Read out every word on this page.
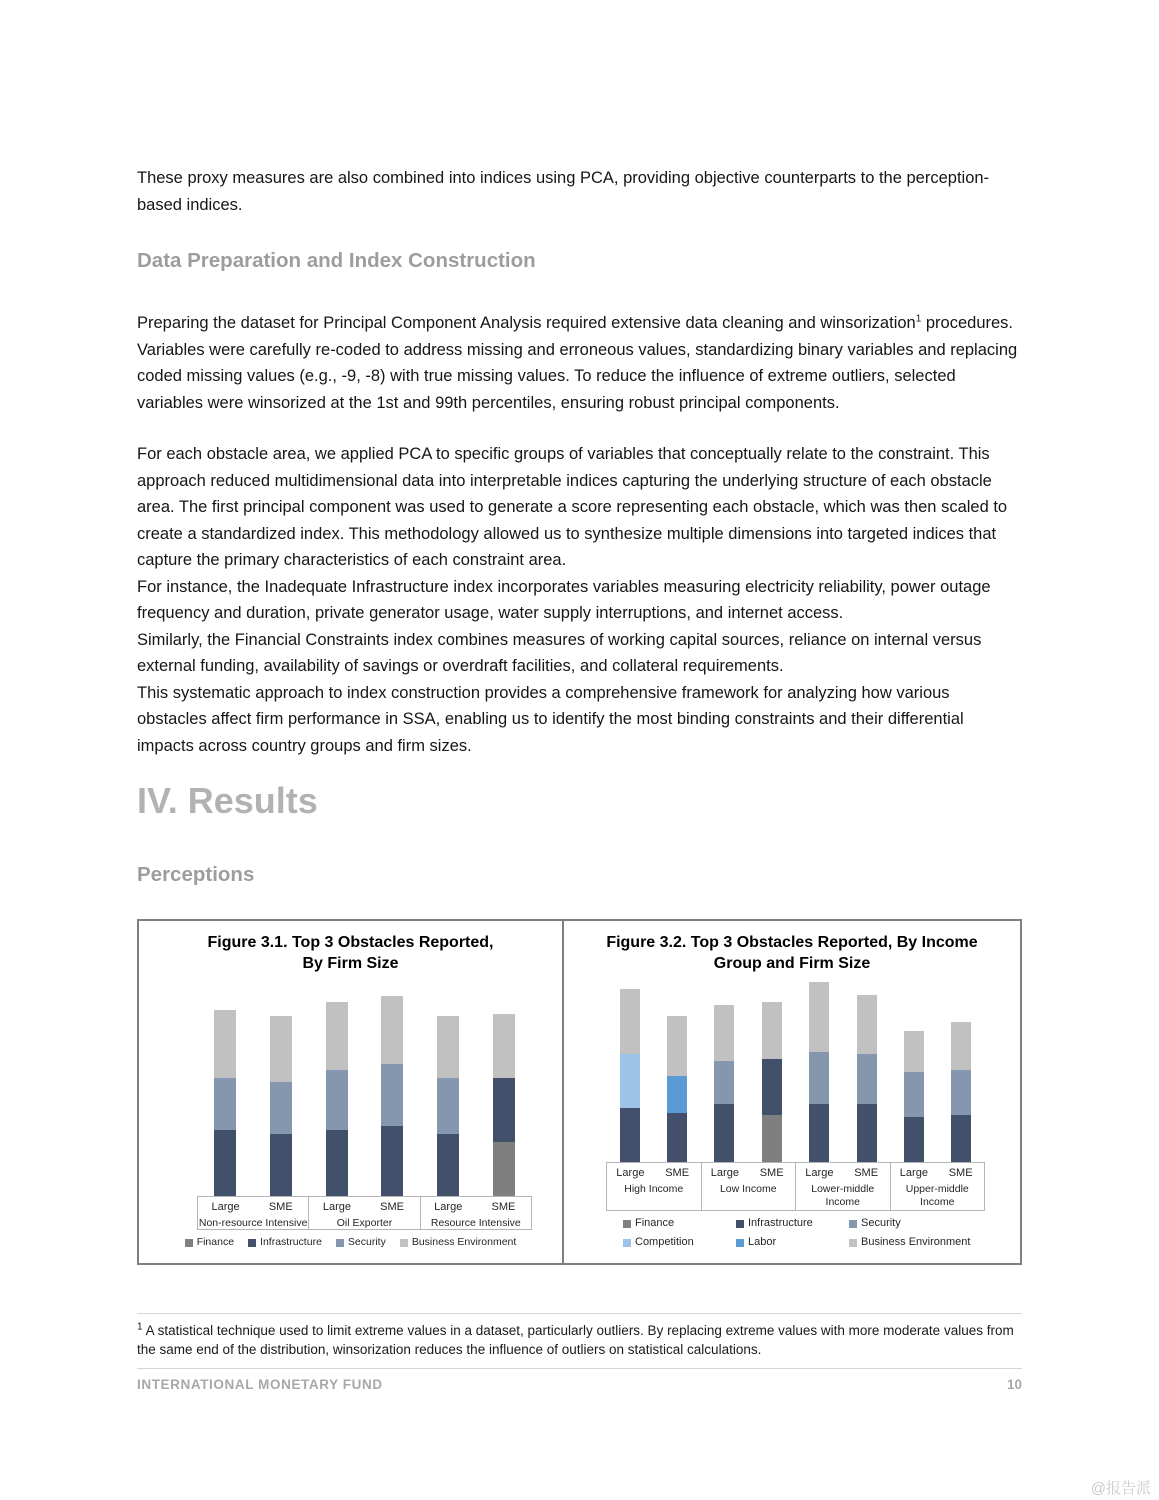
These proxy measures are also combined into indices using PCA, providing objective counterparts to the perception-based indices.

Data Preparation and Index Construction

Preparing the dataset for Principal Component Analysis required extensive data cleaning and winsorization$^1$ procedures. Variables were carefully re-coded to address missing and erroneous values, standardizing binary variables and replacing coded missing values (e.g., -9, -8) with true missing values. To reduce the influence of extreme outliers, selected variables were winsorized at the 1st and 99th percentiles, ensuring robust principal components.

For each obstacle area, we applied PCA to specific groups of variables that conceptually relate to the constraint. This approach reduced multidimensional data into interpretable indices capturing the underlying structure of each obstacle area. The first principal component was used to generate a score representing each obstacle, which was then scaled to create a standardized index. This methodology allowed us to synthesize multiple dimensions into targeted indices that capture the primary characteristics of each constraint area.
For instance, the Inadequate Infrastructure index incorporates variables measuring electricity reliability, power outage frequency and duration, private generator usage, water supply interruptions, and internet access.
Similarly, the Financial Constraints index combines measures of working capital sources, reliance on internal versus external funding, availability of savings or overdraft facilities, and collateral requirements.
This systematic approach to index construction provides a comprehensive framework for analyzing how various obstacles affect firm performance in SSA, enabling us to identify the most binding constraints and their differential impacts across country groups and firm sizes.
IV. Results
Perceptions
Figure 3.1. Top 3 Obstacles Reported,
By Firm Size
Large	SME
Non-resource Intensive
Large	SME
Oil Exporter
Large	SME
Resource Intensive
Finance Infrastructure Security Business Environment
Figure 3.2. Top 3 Obstacles Reported, By Income
Group and Firm Size
Large	SME
High Income
Large	SME
Low Income
Large	SME
Lower-middle Income
Large	SME
Upper-middle Income
Finance	Infrastructure	Security
Competition	Labor	Business Environment
$^1$ A statistical technique used to limit extreme values in a dataset, particularly outliers. By replacing extreme values with more moderate values from the same end of the distribution, winsorization reduces the influence of outliers on statistical calculations.
INTERNATIONAL MONETARY FUND	10
@报告派
